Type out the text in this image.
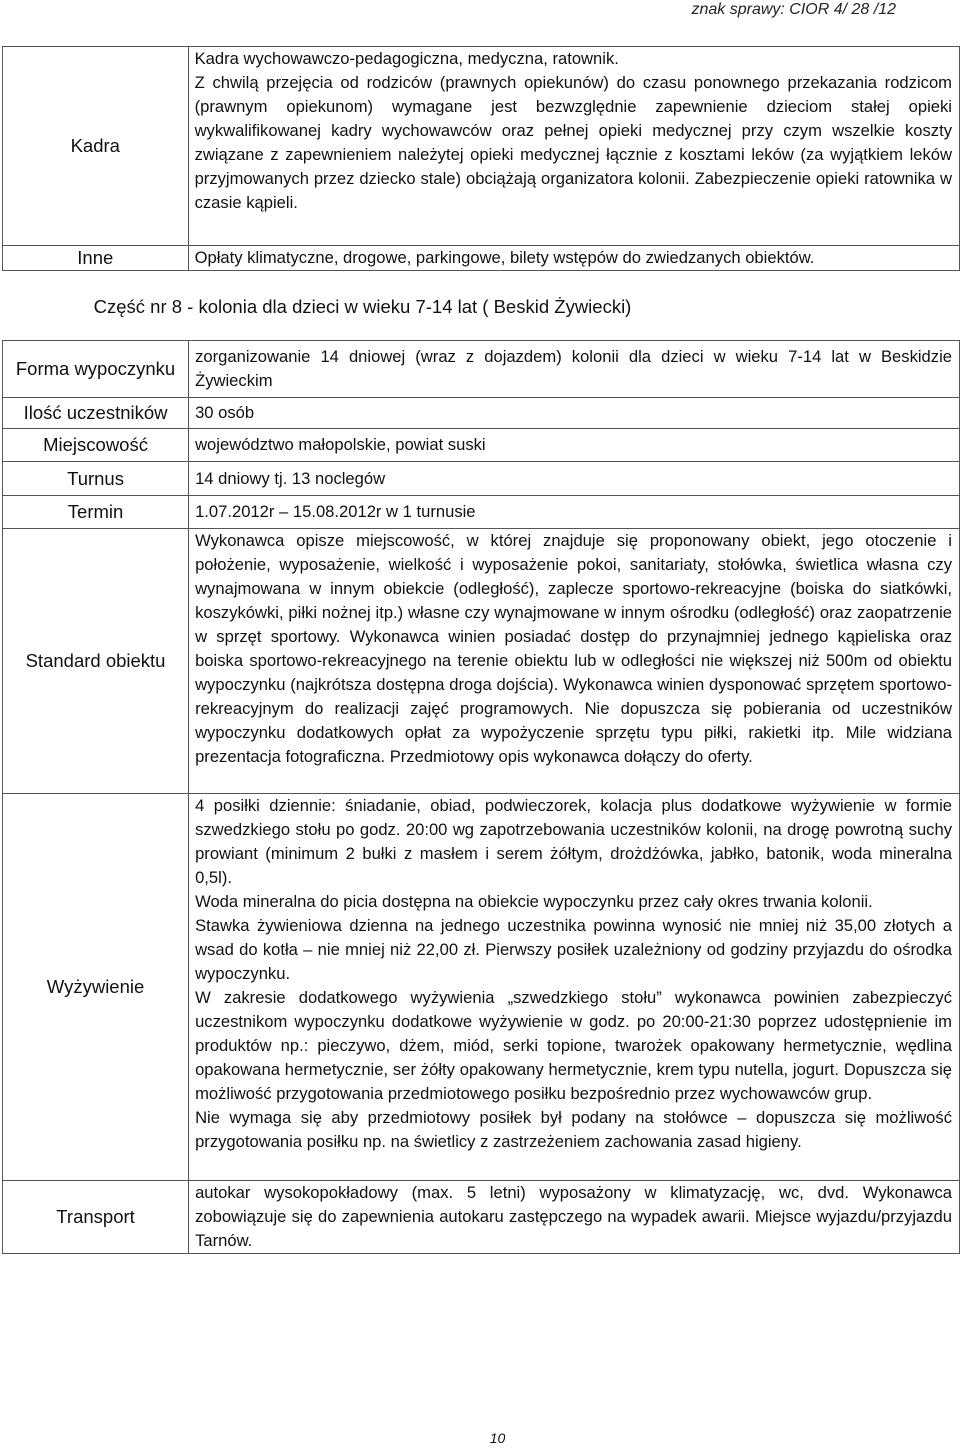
znak sprawy: CIOR 4/ 28 /12
Kadra	Kadra wychowawczo-pedagogiczna, medyczna, ratownik.

Z chwilą przejęcia od rodziców (prawnych opiekunów) do czasu ponownego przekazania rodzicom (prawnym opiekunom) wymagane jest bezwzględnie zapewnienie dzieciom stałej opieki wykwalifikowanej kadry wychowawców oraz pełnej opieki medycznej przy czym wszelkie koszty związane z zapewnieniem należytej opieki medycznej łącznie z kosztami leków (za wyjątkiem leków przyjmowanych przez dziecko stale) obciążają organizatora kolonii. Zabezpieczenie opieki ratownika w czasie kąpieli.

Inne	Opłaty klimatyczne, drogowe, parkingowe, bilety wstępów do zwiedzanych obiektów.

Część nr 8 - kolonia dla dzieci w wieku 7-14 lat ( Beskid Żywiecki)
Forma wypoczynku	zorganizowanie 14 dniowej (wraz z dojazdem) kolonii dla dzieci w wieku 7-14 lat w Beskidzie Żywieckim

Ilość uczestników	30 osób

Miejscowość	województwo małopolskie, powiat suski

Turnus	14 dniowy tj. 13 noclegów

Termin	1.07.2012r – 15.08.2012r w 1 turnusie

Standard obiektu	Wykonawca opisze miejscowość, w której znajduje się proponowany obiekt, jego otoczenie i położenie, wyposażenie, wielkość i wyposażenie pokoi, sanitariaty, stołówka, świetlica własna czy wynajmowana w innym obiekcie (odległość), zaplecze sportowo-rekreacyjne (boiska do siatkówki, koszykówki, piłki nożnej itp.) własne czy wynajmowane w innym ośrodku (odległość) oraz zaopatrzenie w sprzęt sportowy. Wykonawca winien posiadać dostęp do przynajmniej jednego kąpieliska oraz boiska sportowo-rekreacyjnego na terenie obiektu lub w odległości nie większej niż 500m od obiektu wypoczynku (najkrótsza dostępna droga dojścia). Wykonawca winien dysponować sprzętem sportowo-rekreacyjnym do realizacji zajęć programowych. Nie dopuszcza się pobierania od uczestników wypoczynku dodatkowych opłat za wypożyczenie sprzętu typu piłki, rakietki itp. Mile widziana prezentacja fotograficzna. Przedmiotowy opis wykonawca dołączy do oferty.

Wyżywienie	4 posiłki dziennie: śniadanie, obiad, podwieczorek, kolacja plus dodatkowe wyżywienie w formie szwedzkiego stołu po godz. 20:00 wg zapotrzebowania uczestników kolonii, na drogę powrotną suchy prowiant (minimum 2 bułki z masłem i serem żółtym, drożdżówka, jabłko, batonik, woda mineralna 0,5l).

Woda mineralna do picia dostępna na obiekcie wypoczynku przez cały okres trwania kolonii.

Stawka żywieniowa dzienna na jednego uczestnika powinna wynosić nie mniej niż 35,00 złotych a wsad do kotła – nie mniej niż 22,00 zł. Pierwszy posiłek uzależniony od godziny przyjazdu do ośrodka wypoczynku.

W zakresie dodatkowego wyżywienia „szwedzkiego stołu” wykonawca powinien zabezpieczyć uczestnikom wypoczynku dodatkowe wyżywienie w godz. po 20:00-21:30 poprzez udostępnienie im produktów np.: pieczywo, dżem, miód, serki topione, twarożek opakowany hermetycznie, wędlina opakowana hermetycznie, ser żółty opakowany hermetycznie, krem typu nutella, jogurt. Dopuszcza się możliwość przygotowania przedmiotowego posiłku bezpośrednio przez wychowawców grup.

Nie wymaga się aby przedmiotowy posiłek był podany na stołówce – dopuszcza się możliwość przygotowania posiłku np. na świetlicy z zastrzeżeniem zachowania zasad higieny.

Transport	autokar wysokopokładowy (max. 5 letni) wyposażony w klimatyzację, wc, dvd. Wykonawca zobowiązuje się do zapewnienia autokaru zastępczego na wypadek awarii. Miejsce wyjazdu/przyjazdu Tarnów.

10
